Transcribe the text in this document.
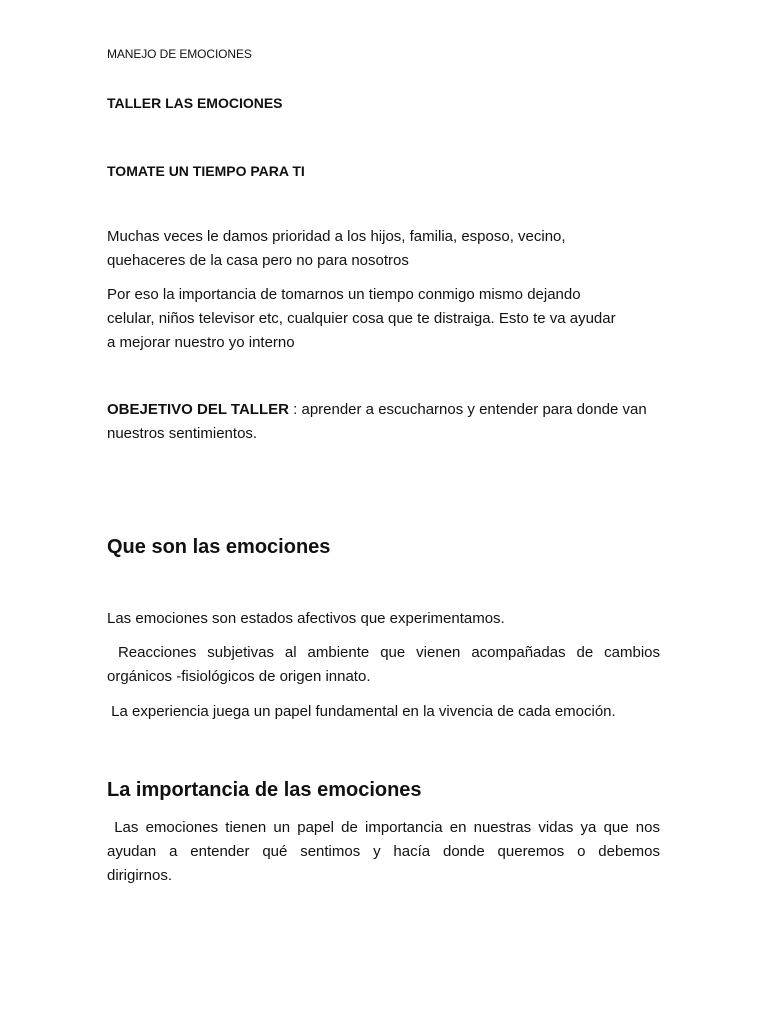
MANEJO DE EMOCIONES

TALLER LAS EMOCIONES

TOMATE UN TIEMPO PARA TI

Muchas veces le damos prioridad a los hijos, familia, esposo, vecino,
quehaceres de la casa pero no para nosotros
Por eso la importancia de tomarnos un tiempo conmigo mismo dejando
celular, niños televisor etc, cualquier cosa que te distraiga. Esto te va ayudar
a mejorar nuestro yo interno
OBEJETIVO DEL TALLER : aprender a escucharnos y entender para donde van
nuestros sentimientos.
Que son las emociones
Las emociones son estados afectivos que experimentamos.
Reacciones subjetivas al ambiente que vienen acompañadas de cambios
orgánicos -fisiológicos de origen innato.
La experiencia juega un papel fundamental en la vivencia de cada emoción.
La importancia de las emociones
Las emociones tienen un papel de importancia en nuestras vidas ya que nos
ayudan a entender qué sentimos y hacía donde queremos o debemos
dirigirnos.
